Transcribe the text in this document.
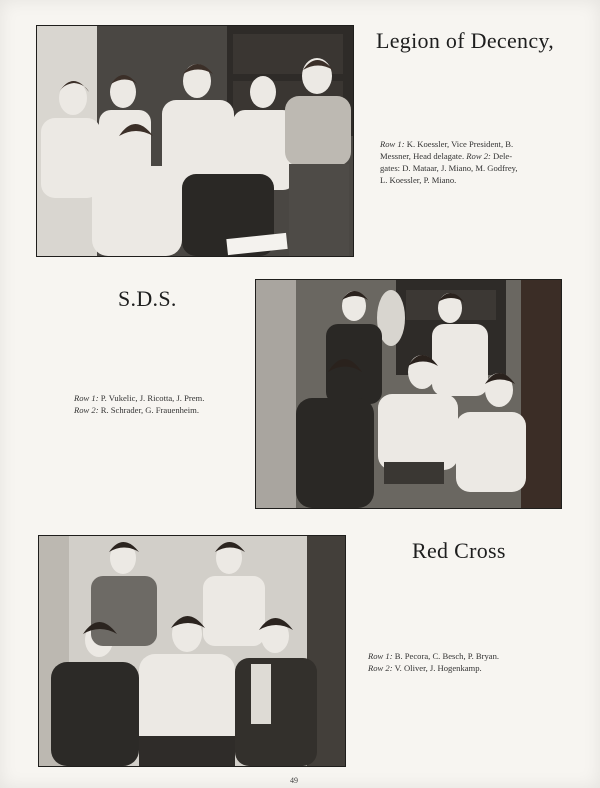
Legion of Decency,
Row 1: K. Koessler, Vice President, B.
Messner, Head delagate. Row 2: Dele-
gates: D. Mataar, J. Miano, M. Godfrey,
L. Koessler, P. Miano.
S.D.S.
Row 1: P. Vukelic, J. Ricotta, J. Prem.
Row 2: R. Schrader, G. Frauenheim.
Red Cross
Row 1: B. Pecora, C. Besch, P. Bryan.
Row 2: V. Oliver, J. Hogenkamp.
49
